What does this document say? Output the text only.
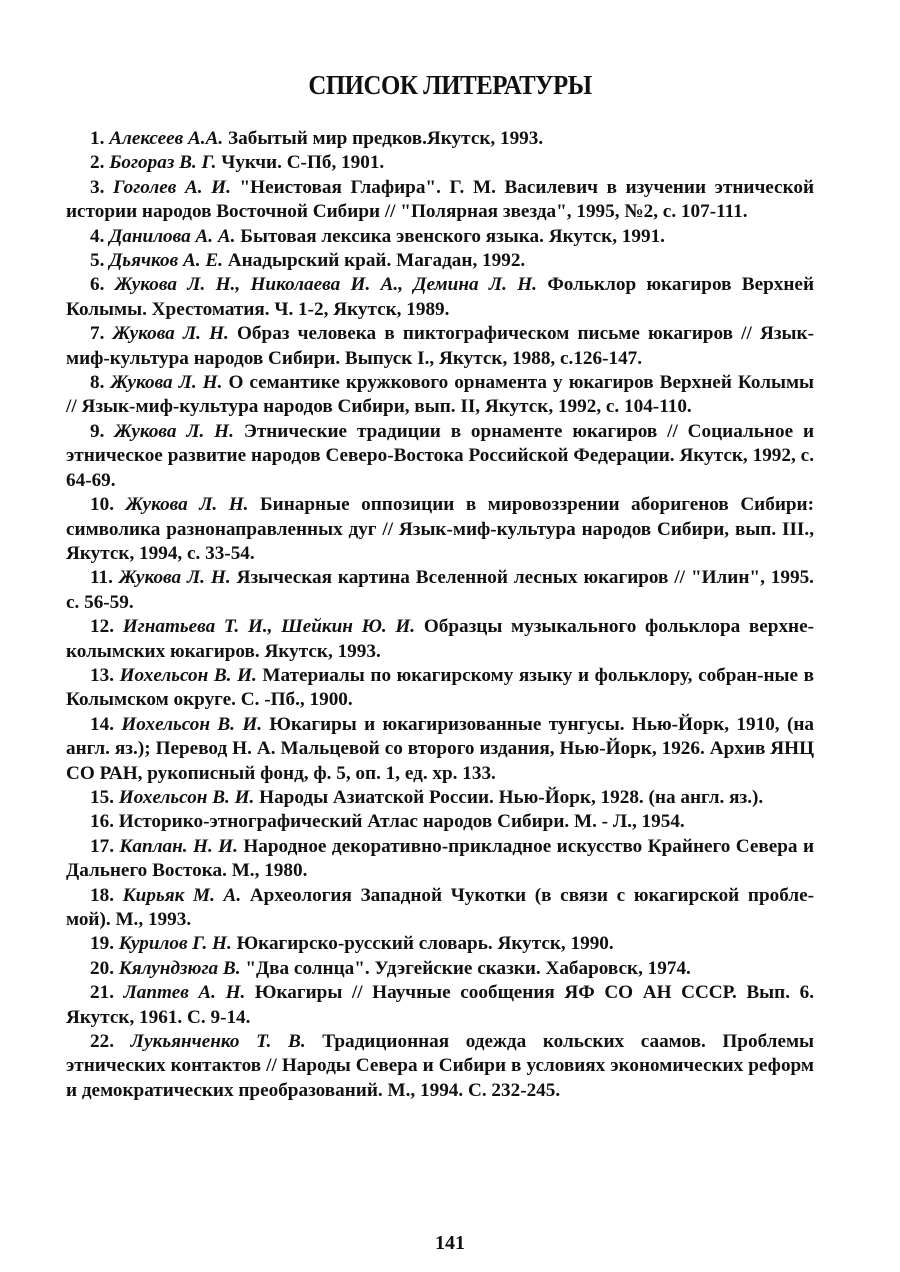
СПИСОК ЛИТЕРАТУРЫ

1. Алексеев А.А. Забытый мир предков.Якутск, 1993.

2. Богораз В. Г. Чукчи. С-Пб, 1901.

3. Гоголев А. И. "Неистовая Глафира". Г. М. Василевич в изучении этнической истории народов Восточной Сибири // "Полярная звезда", 1995, №2, с. 107-111.

4. Данилова А. А. Бытовая лексика эвенского языка. Якутск, 1991.

5. Дьячков А. Е. Анадырский край. Магадан, 1992.

6. Жукова Л. Н., Николаева И. А., Демина Л. Н. Фольклор юкагиров Верхней Колымы. Хрестоматия. Ч. 1-2, Якутск, 1989.

7. Жукова Л. Н. Образ человека в пиктографическом письме юкагиров // Язык-миф-культура народов Сибири. Выпуск I., Якутск, 1988, с.126-147.

8. Жукова Л. Н. О семантике кружкового орнамента у юкагиров Верхней Колымы // Язык-миф-культура народов Сибири, вып. II, Якутск, 1992, с. 104-110.

9. Жукова Л. Н. Этнические традиции в орнаменте юкагиров // Социальное и этническое развитие народов Северо-Востока Российской Федерации. Якутск, 1992, с. 64-69.

10. Жукова Л. Н. Бинарные оппозиции в мировоззрении аборигенов Сибири: символика разнонаправленных дуг // Язык-миф-культура народов Сибири, вып. III., Якутск, 1994, с. 33-54.

11. Жукова Л. Н. Языческая картина Вселенной лесных юкагиров // "Илин", 1995. с. 56-59.

12. Игнатьева Т. И., Шейкин Ю. И. Образцы музыкального фольклора верхне-колымских юкагиров. Якутск, 1993.

13. Иохельсон В. И. Материалы по юкагирскому языку и фольклору, собран-ные в Колымском округе. С. -Пб., 1900.

14. Иохельсон В. И. Юкагиры и юкагиризованные тунгусы. Нью-Йорк, 1910, (на англ. яз.); Перевод Н. А. Мальцевой со второго издания, Нью-Йорк, 1926. Архив ЯНЦ СО РАН, рукописный фонд, ф. 5, оп. 1, ед. хр. 133.

15. Иохельсон В. И. Народы Азиатской России. Нью-Йорк, 1928. (на англ. яз.).

16. Историко-этнографический Атлас народов Сибири. М. - Л., 1954.

17. Каплан. Н. И. Народное декоративно-прикладное искусство Крайнего Севера и Дальнего Востока. М., 1980.

18. Кирьяк М. А. Археология Западной Чукотки (в связи с юкагирской пробле-мой). М., 1993.

19. Курилов Г. Н. Юкагирско-русский словарь. Якутск, 1990.

20. Кялундзюга В. "Два солнца". Удэгейские сказки. Хабаровск, 1974.

21. Лаптев А. Н. Юкагиры // Научные сообщения ЯФ СО АН СССР. Вып. 6. Якутск, 1961. С. 9-14.

22. Лукьянченко Т. В. Традиционная одежда кольских саамов. Проблемы этнических контактов // Народы Севера и Сибири в условиях экономических реформ и демократических преобразований. М., 1994. С. 232-245.

141
